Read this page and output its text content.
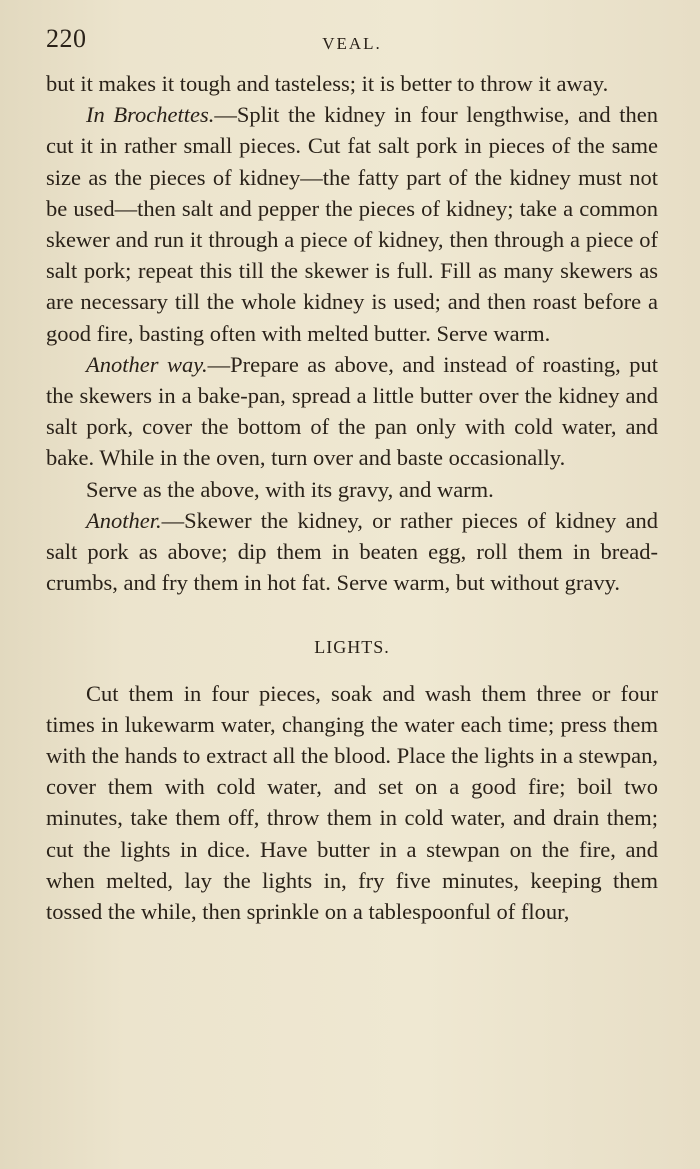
220	VEAL.

but it makes it tough and tasteless; it is better to throw it away.

In Brochettes.—Split the kidney in four lengthwise, and then cut it in rather small pieces. Cut fat salt pork in pieces of the same size as the pieces of kidney—the fatty part of the kidney must not be used—then salt and pepper the pieces of kidney; take a common skewer and run it through a piece of kidney, then through a piece of salt pork; repeat this till the skewer is full. Fill as many skewers as are necessary till the whole kidney is used; and then roast before a good fire, basting often with melted butter. Serve warm.

Another way.—Prepare as above, and instead of roasting, put the skewers in a bake-pan, spread a little butter over the kidney and salt pork, cover the bottom of the pan only with cold water, and bake. While in the oven, turn over and baste occasionally.

Serve as the above, with its gravy, and warm.

Another.—Skewer the kidney, or rather pieces of kidney and salt pork as above; dip them in beaten egg, roll them in bread-crumbs, and fry them in hot fat. Serve warm, but without gravy.

LIGHTS.

Cut them in four pieces, soak and wash them three or four times in lukewarm water, changing the water each time; press them with the hands to extract all the blood. Place the lights in a stewpan, cover them with cold water, and set on a good fire; boil two minutes, take them off, throw them in cold water, and drain them; cut the lights in dice. Have butter in a stewpan on the fire, and when melted, lay the lights in, fry five minutes, keeping them tossed the while, then sprinkle on a tablespoonful of flour,
